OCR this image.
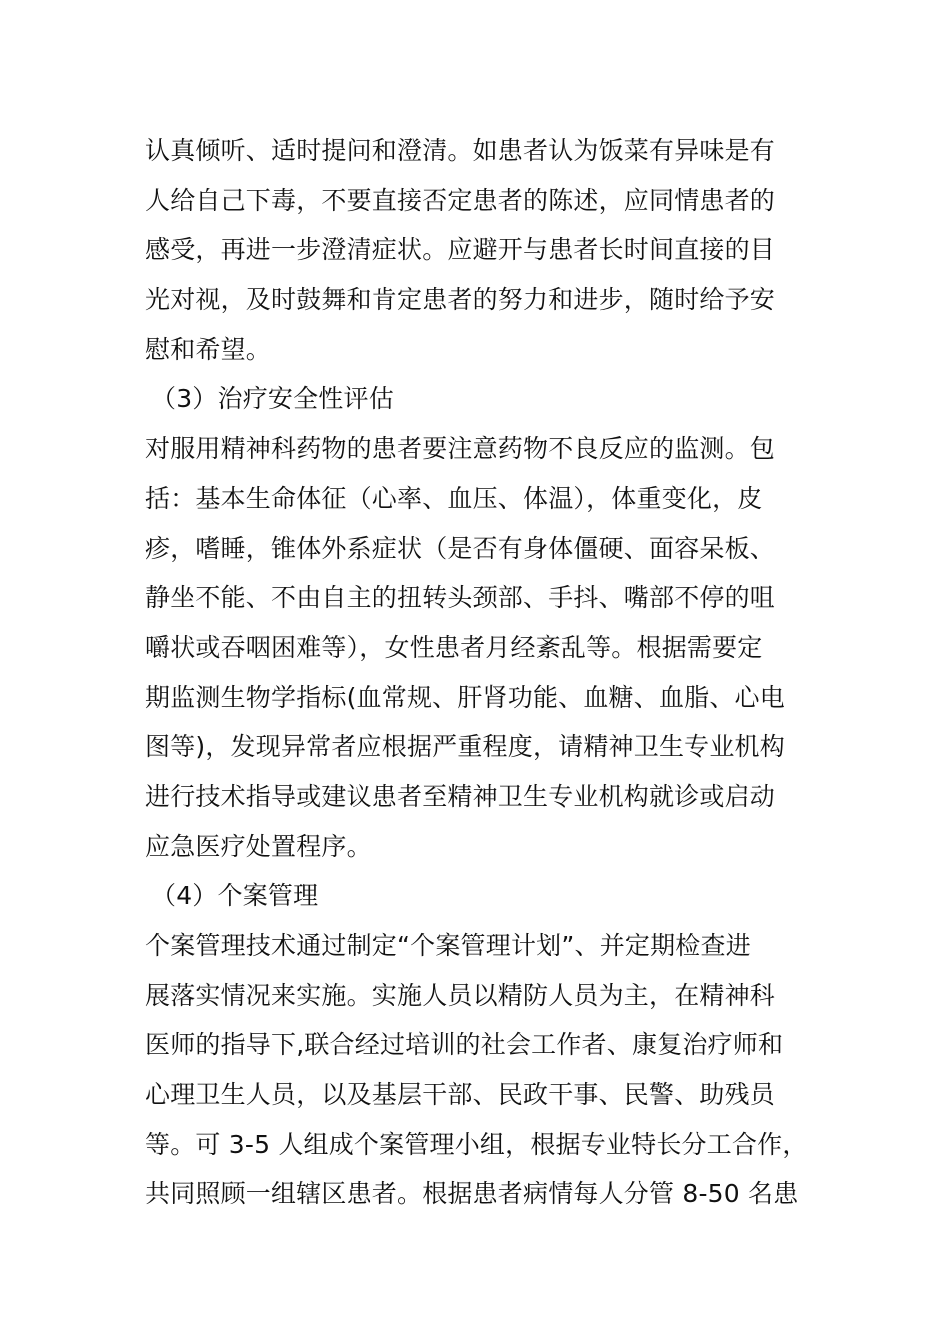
认真倾听、适时提问和澄清。如患者认为饭菜有异味是有
人给自己下毒，不要直接否定患者的陈述，应同情患者的
感受，再进一步澄清症状。应避开与患者长时间直接的目
光对视，及时鼓舞和肯定患者的努力和进步，随时给予安
慰和希望。
（3）治疗安全性评估
对服用精神科药物的患者要注意药物不良反应的监测。包
括：基本生命体征（心率、血压、体温），体重变化，皮
疹，嗜睡，锥体外系症状（是否有身体僵硬、面容呆板、
静坐不能、不由自主的扭转头颈部、手抖、嘴部不停的咀
嚼状或吞咽困难等），女性患者月经紊乱等。根据需要定
期监测生物学指标(血常规、肝肾功能、血糖、血脂、心电
图等)，发现异常者应根据严重程度，请精神卫生专业机构
进行技术指导或建议患者至精神卫生专业机构就诊或启动
应急医疗处置程序。
（4）个案管理
个案管理技术通过制定“个案管理计划”、并定期检查进
展落实情况来实施。实施人员以精防人员为主，在精神科
医师的指导下,联合经过培训的社会工作者、康复治疗师和
心理卫生人员，以及基层干部、民政干事、民警、助残员
等。可 3-5 人组成个案管理小组，根据专业特长分工合作，
共同照顾一组辖区患者。根据患者病情每人分管 8-50 名患
